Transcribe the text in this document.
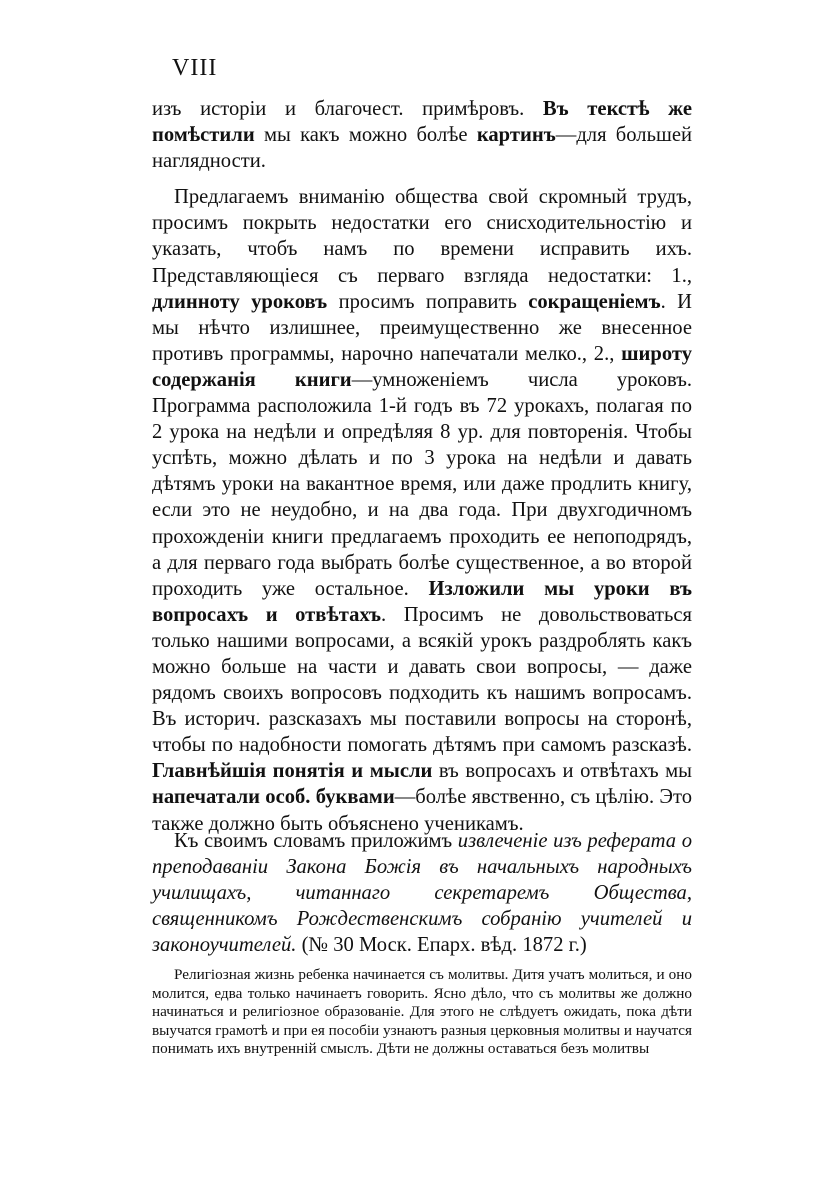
VIII

изъ исторіи и благочест. примѣровъ. Въ текстѣ же помѣстили мы какъ можно болѣе картинъ—для большей наглядности.

Предлагаемъ вниманію общества свой скромный трудъ, просимъ покрыть недостатки его снисходительностію и указать, чтобъ намъ по времени исправить ихъ. Представляющіеся съ перваго взгляда недостатки: 1., длинноту уроковъ просимъ поправить сокращеніемъ. И мы нѣчто излишнее, преимущественно же внесенное противъ программы, нарочно напечатали мелко., 2., широту содержанія книги—умноженіемъ числа уроковъ. Программа расположила 1-й годъ въ 72 урокахъ, полагая по 2 урока на недѣли и опредѣляя 8 ур. для повторенія. Чтобы успѣть, можно дѣлать и по 3 урока на недѣли и давать дѣтямъ уроки на вакантное время, или даже продлить книгу, если это не неудобно, и на два года. При двухгодичномъ прохожденіи книги предлагаемъ проходить ее непоподрядъ, а для перваго года выбрать болѣе существенное, а во второй проходить уже остальное. Изложили мы уроки въ вопросахъ и отвѣтахъ. Просимъ не довольствоваться только нашими вопросами, а всякій урокъ раздроблять какъ можно больше на части и давать свои вопросы, — даже рядомъ своихъ вопросовъ подходить къ нашимъ вопросамъ. Въ историч. разсказахъ мы поставили вопросы на сторонѣ, чтобы по надобности помогать дѣтямъ при самомъ разсказѣ. Главнѣйшія понятія и мысли въ вопросахъ и отвѣтахъ мы напечатали особ. буквами—болѣе явственно, съ цѣлію. Это также должно быть объяснено ученикамъ.

Къ своимъ словамъ приложимъ извлеченіе изъ реферата о преподаваніи Закона Божія въ начальныхъ народныхъ училищахъ, читаннаго секретаремъ Общества, священникомъ Рождественскимъ собранію учителей и законоучителей. (№ 30 Моск. Епарх. вѣд. 1872 г.)

Религіозная жизнь ребенка начинается съ молитвы. Дитя учатъ молиться, и оно молится, едва только начинаетъ говорить. Ясно дѣло, что съ молитвы же должно начинаться и религіозное образованіе. Для этого не слѣдуетъ ожидать, пока дѣти выучатся грамотѣ и при ея пособіи узнаютъ разныя церковныя молитвы и научатся понимать ихъ внутренній смыслъ. Дѣти не должны оставаться безъ молитвы
